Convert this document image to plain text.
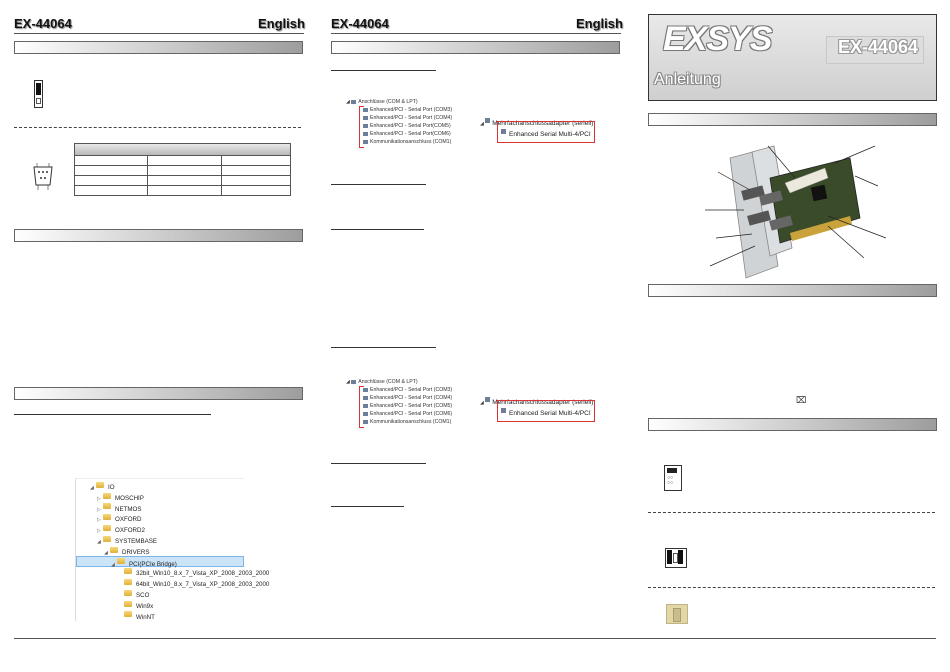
EX-44064	English

◢ IO
▷ MOSCHIP
▷ NETMOS
▷ OXFORD
▷ OXFORD2
◢ SYSTEMBASE
◢ DRIVERS
◢ PCI(PCIe Bridge)
32bit_Win10_8.x_7_Vista_XP_2008_2003_2000
64bit_Win10_8.x_7_Vista_XP_2008_2003_2000
SCO
Win9x
WinNT
EX-44064	English
◢ Anschlüsse (COM & LPT)
Enhanced/PCI - Serial Port (COM3)
Enhanced/PCI - Serial Port (COM4)
Enhanced/PCI - Serial Port(COM5)
Enhanced/PCI - Serial Port(COM6)
Kommunikationsanschluss (COM1)
◢ Mehrfachanschlussadapter (seriell)
Enhanced Serial Multi-4/PCI
◢ Anschlüsse (COM & LPT)
Enhanced/PCI - Serial Port (COM3)
Enhanced/PCI - Serial Port (COM4)
Enhanced/PCI - Serial Port (COM5)
Enhanced/PCI - Serial Port (COM6)
Kommunikationsanschluss (COM1)
◢ Mehrfachanschlussadapter (seriell)
Enhanced Serial Multi-4/PCI
EXSYS	EX-44064
Anleitung
⌧
○○
○○
